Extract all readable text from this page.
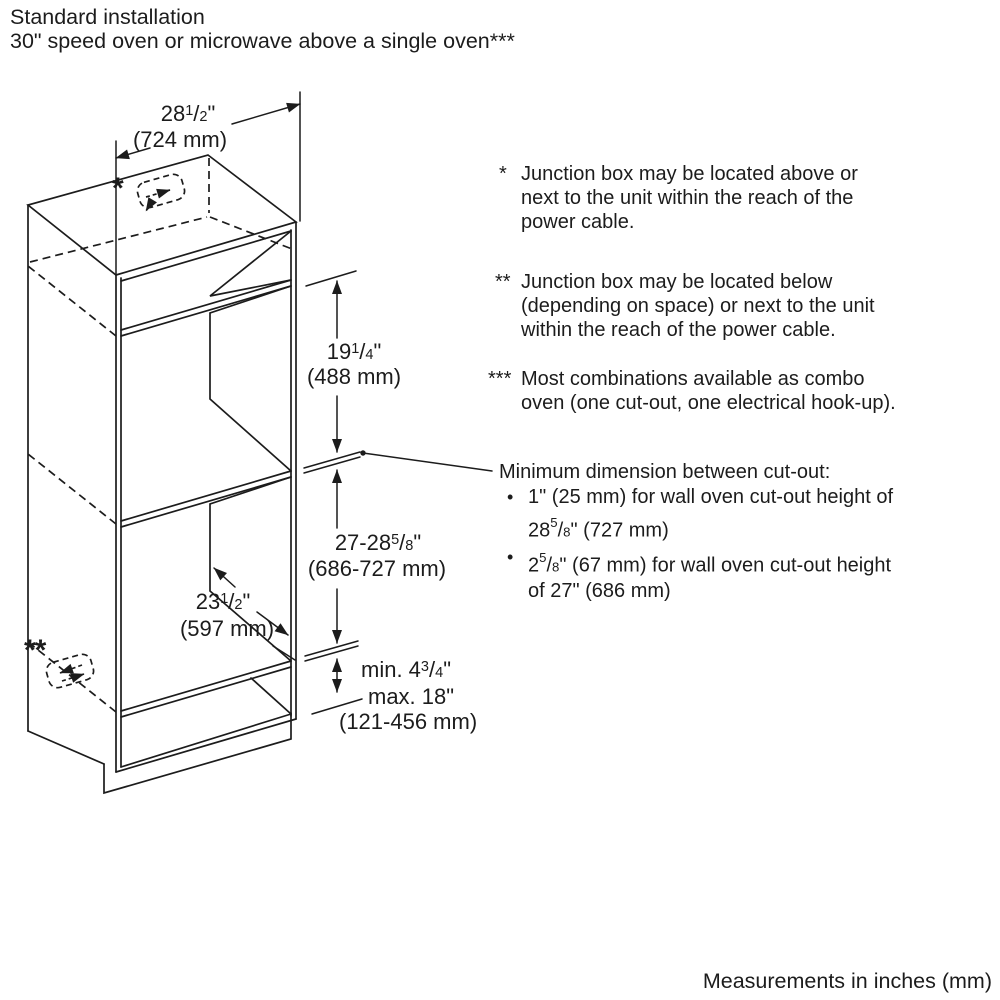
Standard installation
30" speed oven or microwave above a single oven***
$28^1/2$"
(724 mm)
$19^1/4$"
(488 mm)
$27-28^5/8$"
(686-727 mm)
$23^1/2$"
(597 mm)
min. $4^3/4$"
max. 18"
(121-456 mm)
*
**
* Junction box may be located above or
next to the unit within the reach of the
power cable.
** Junction box may be located below
(depending on space) or next to the unit
within the reach of the power cable.
*** Most combinations available as combo
oven (one cut-out, one electrical hook-up).
Minimum dimension between cut-out:
• 1" (25 mm) for wall oven cut-out height of
$28^5/8$" (727 mm)
• $2^5/8$" (67 mm) for wall oven cut-out height
of 27" (686 mm)
Measurements in inches (mm)
